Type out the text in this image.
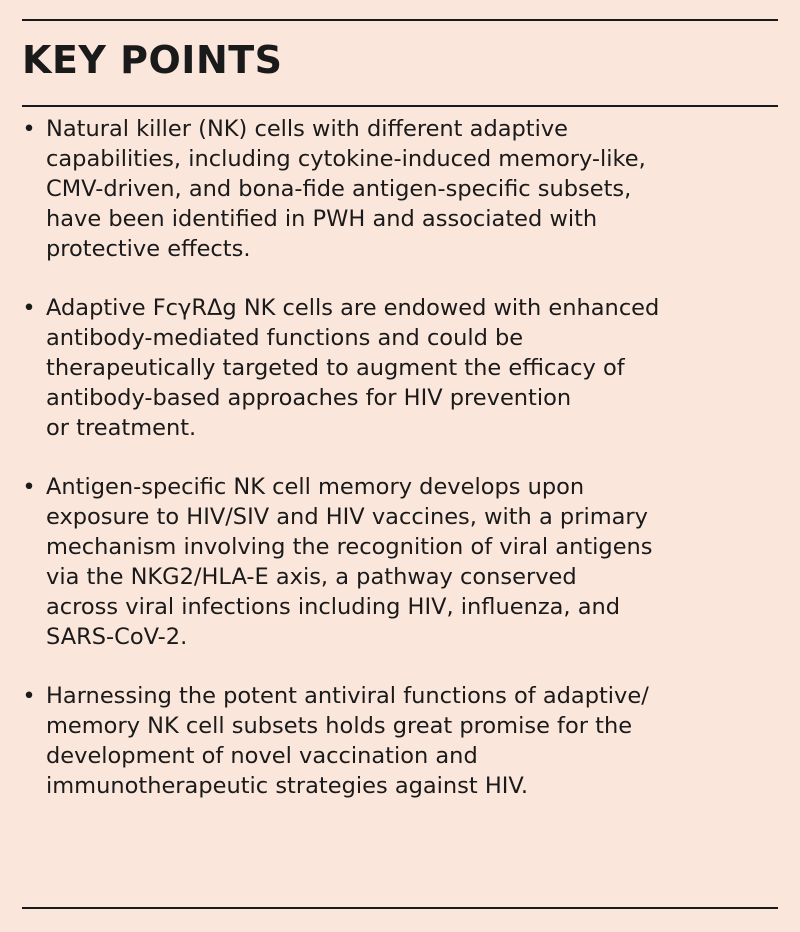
KEY POINTS
• Natural killer (NK) cells with different adaptive
capabilities, including cytokine-induced memory-like,
CMV-driven, and bona-fide antigen-specific subsets,
have been identified in PWH and associated with
protective effects.
• Adaptive FcγRΔg NK cells are endowed with enhanced
antibody-mediated functions and could be
therapeutically targeted to augment the efficacy of
antibody-based approaches for HIV prevention
or treatment.
• Antigen-specific NK cell memory develops upon
exposure to HIV/SIV and HIV vaccines, with a primary
mechanism involving the recognition of viral antigens
via the NKG2/HLA-E axis, a pathway conserved
across viral infections including HIV, influenza, and
SARS-CoV-2.
• Harnessing the potent antiviral functions of adaptive/
memory NK cell subsets holds great promise for the
development of novel vaccination and
immunotherapeutic strategies against HIV.
